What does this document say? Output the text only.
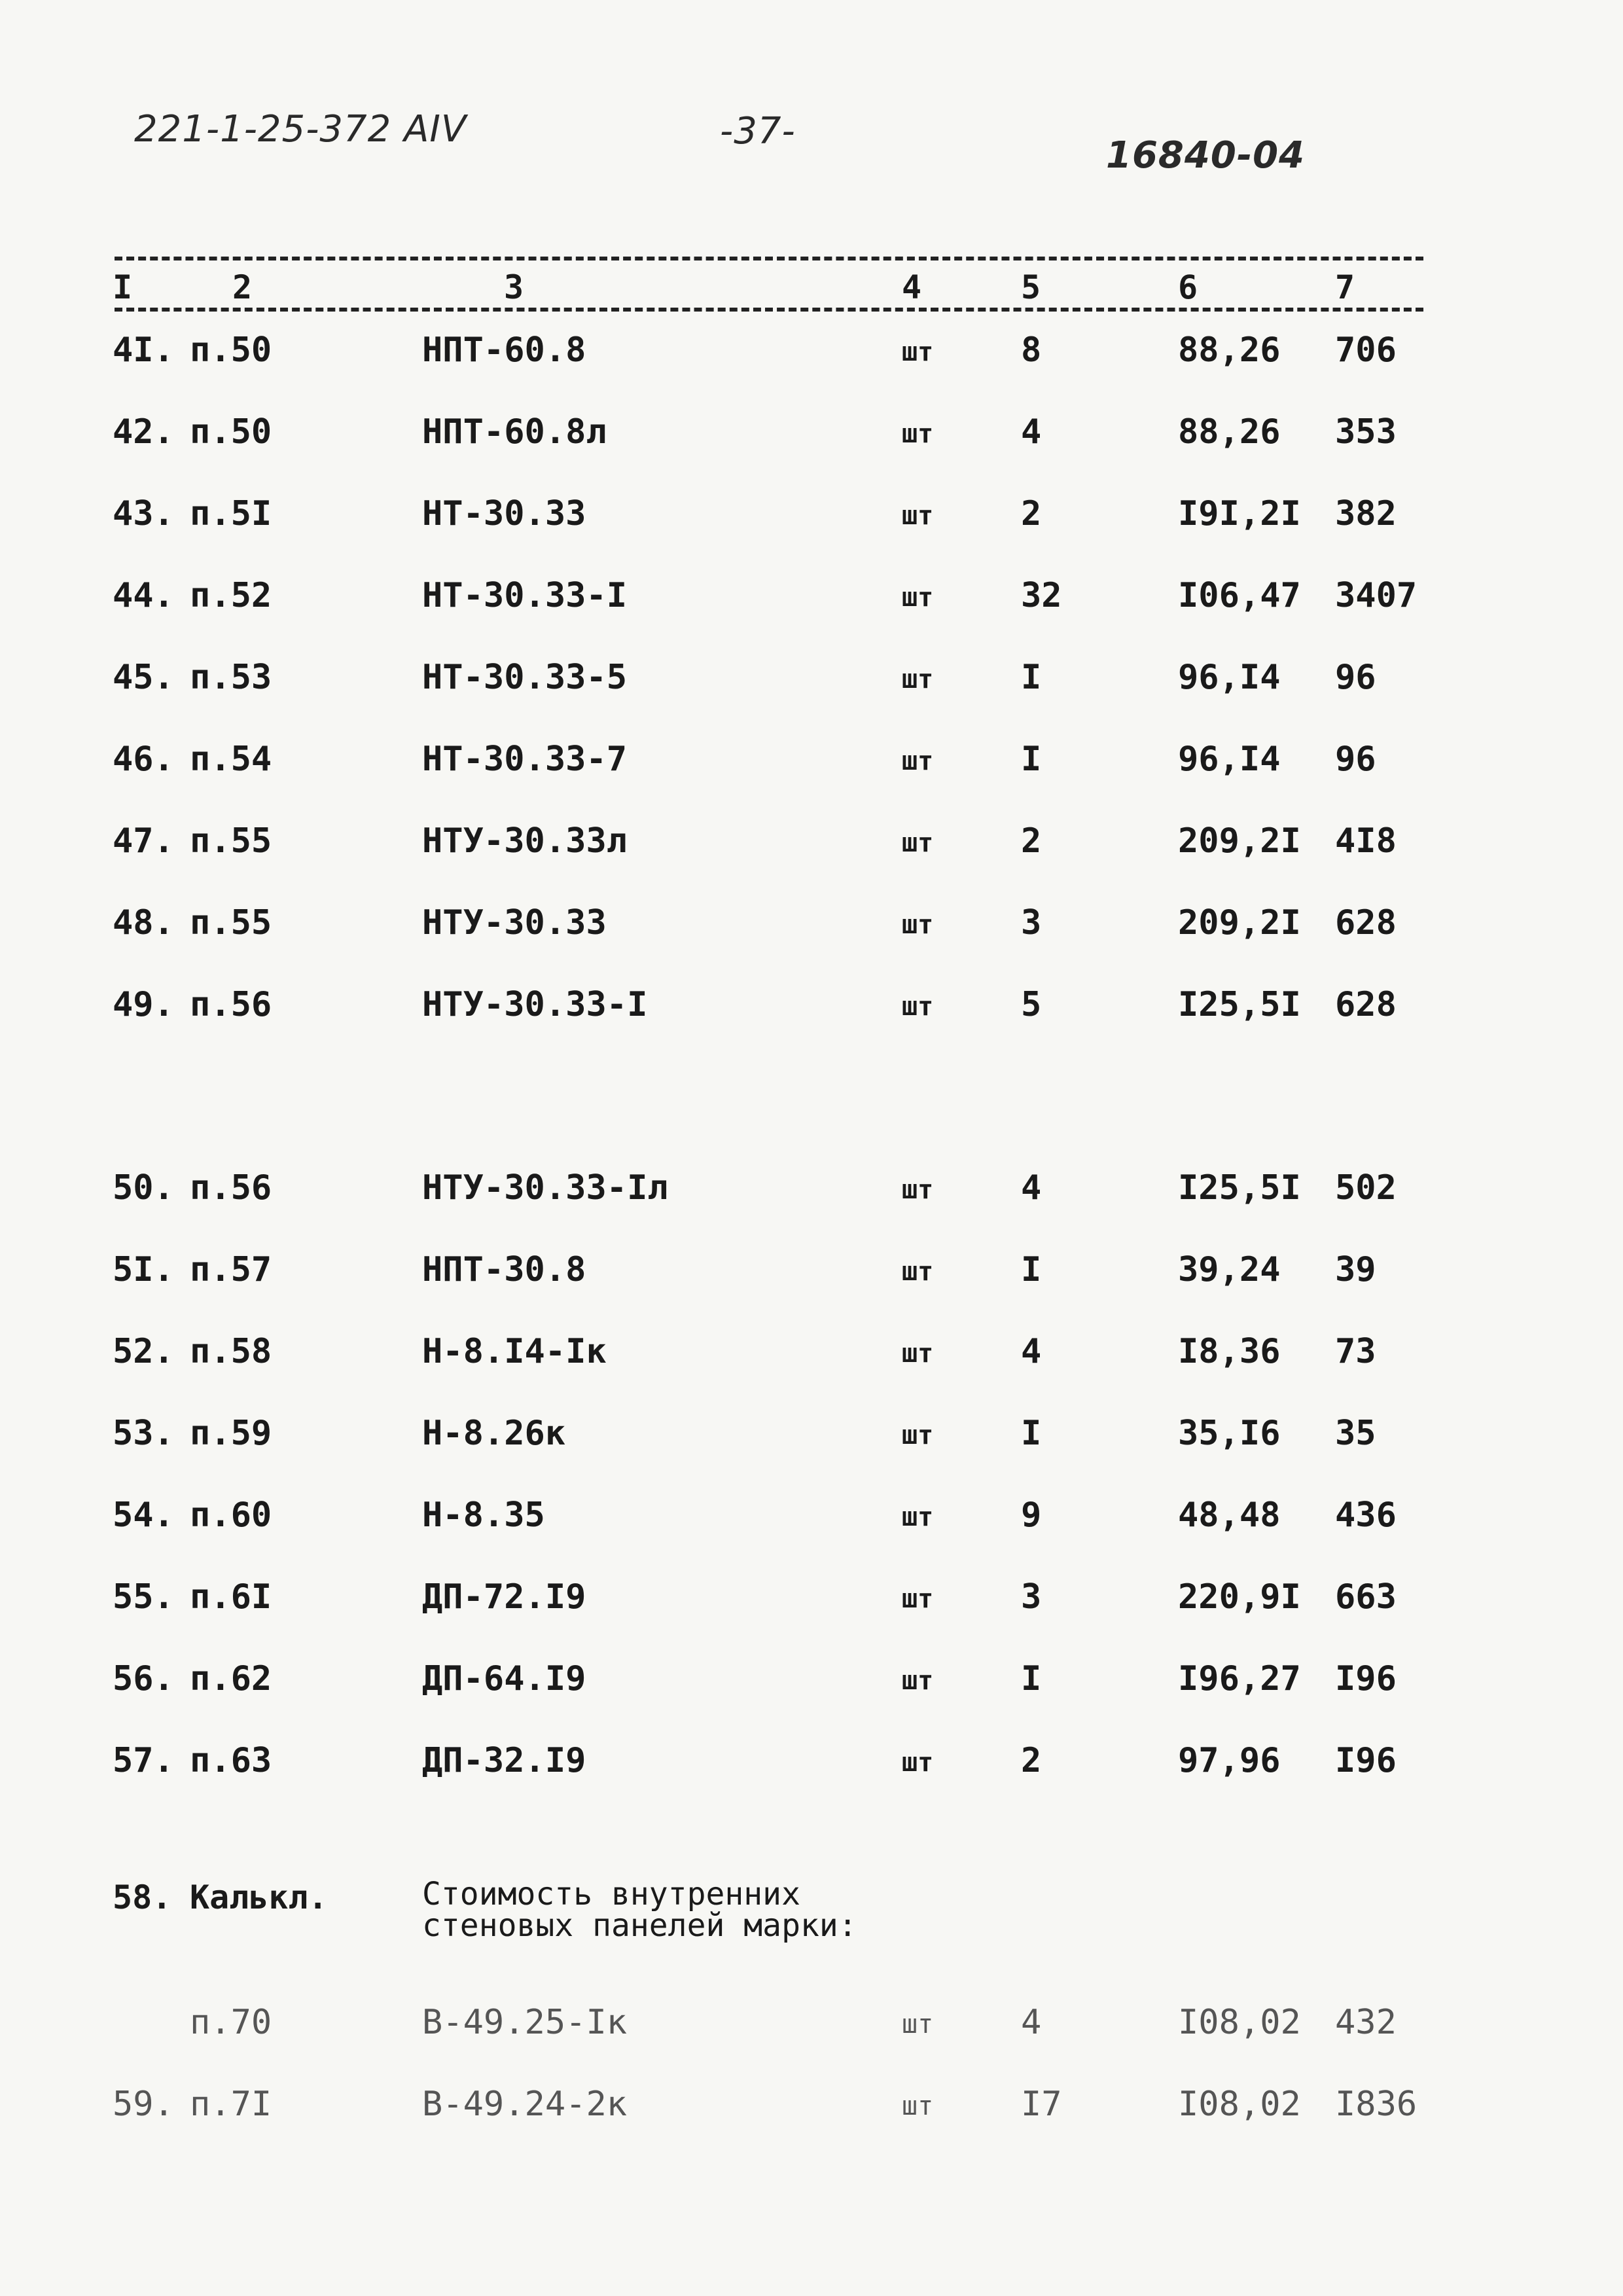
221-1-25-372 AIV	-37-
16840-04
I	2	3	4	5	6	7
4I. п.50	НПТ-60.8	шт	8	88,26 706
42. п.50	НПТ-60.8л	шт	4	88,26 353
43. п.5I	НТ-30.33	шт	2	I9I,2I 382
44. п.52	НТ-30.33-I	шт	32	I06,47 3407
45. п.53	НТ-30.33-5	шт	I	96,I4 96
46. п.54	НТ-30.33-7	шт	I	96,I4 96
47. п.55	НТУ-30.33л	шт	2	209,2I 4I8
48. п.55	НТУ-30.33	шт	3	209,2I 628
49. п.56	НТУ-30.33-I	шт	5	I25,5I 628
50. п.56	НТУ-30.33-Iл	шт	4	I25,5I 502
5I. п.57	НПТ-30.8	шт	I	39,24 39
52. п.58	Н-8.I4-Iк	шт	4	I8,36 73
53. п.59	Н-8.26к	шт	I	35,I6 35
54. п.60	Н-8.35	шт	9	48,48 436
55. п.6I	ДП-72.I9	шт	3	220,9I 663
56. п.62	ДП-64.I9	шт	I	I96,27 I96
57. п.63	ДП-32.I9	шт	2	97,96 I96
58. Калькл.	Стоимость внутренних
стеновых панелей марки:
п.70	В-49.25-Iк	шт	4	I08,02 432
59. п.7I	В-49.24-2к	шт	I7	I08,02 I836
